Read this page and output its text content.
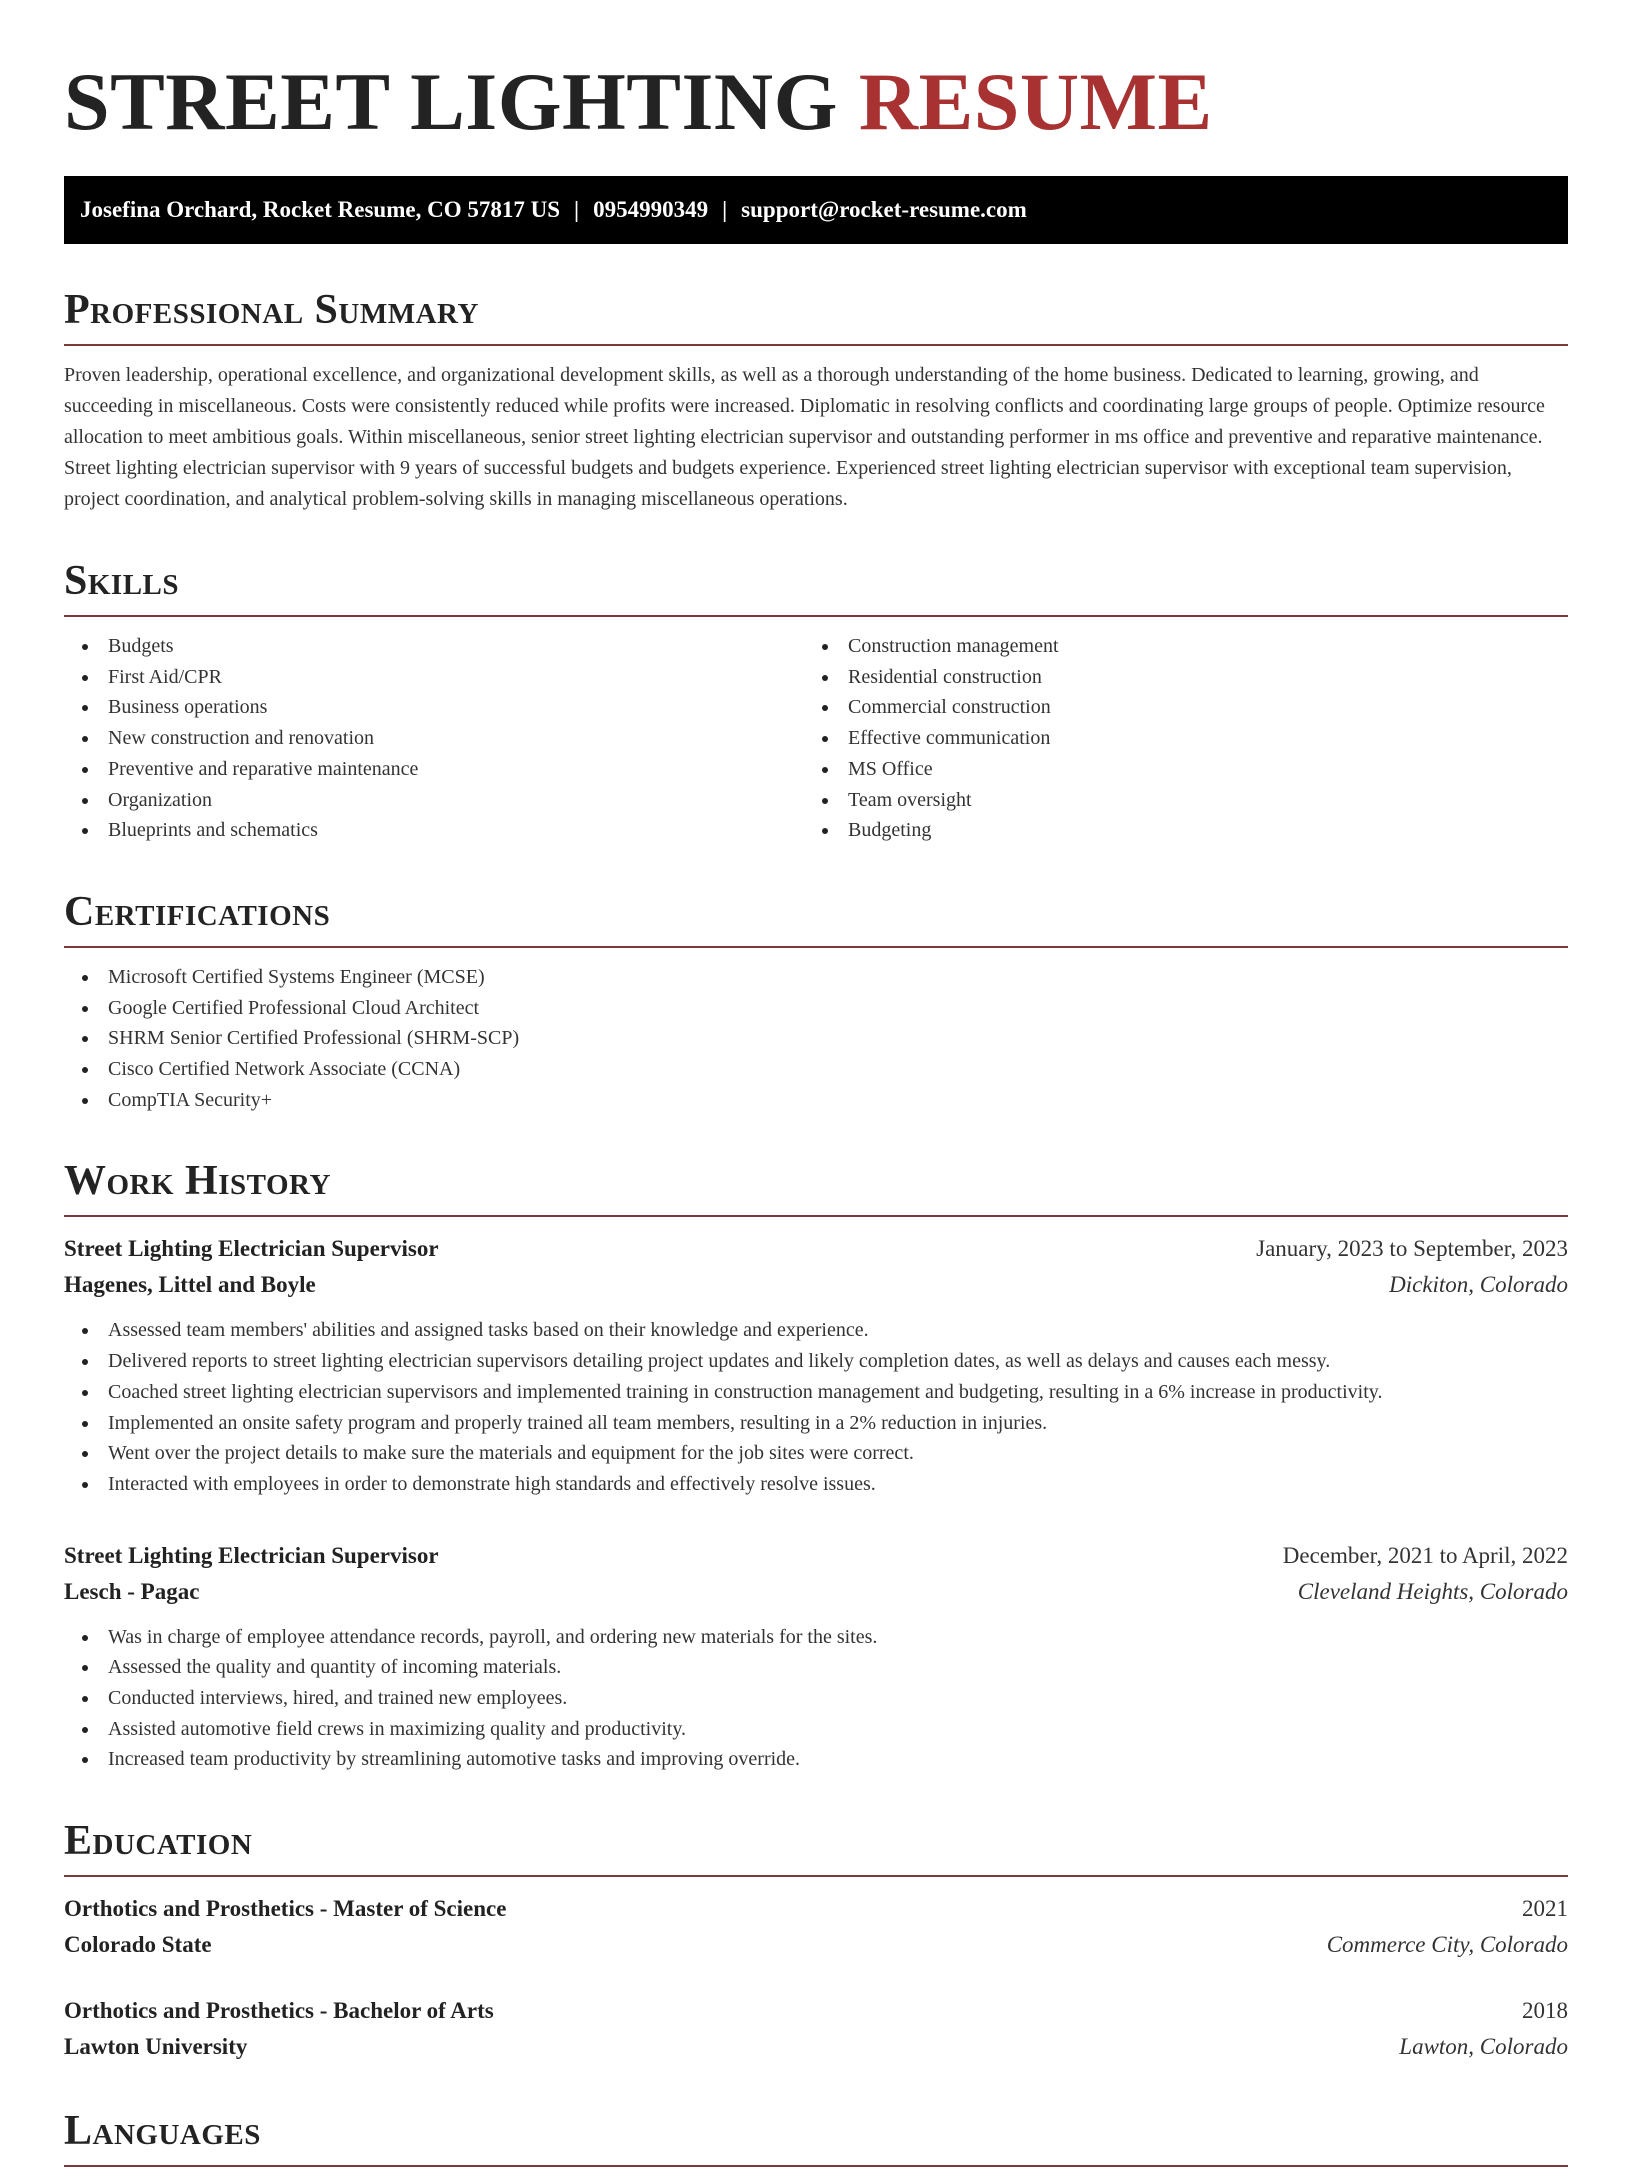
STREET LIGHTING RESUME
Josefina Orchard, Rocket Resume, CO 57817 US | 0954990349 | support@rocket-resume.com
Professional Summary

Proven leadership, operational excellence, and organizational development skills, as well as a thorough understanding of the home business. Dedicated to learning, growing, and succeeding in miscellaneous. Costs were consistently reduced while profits were increased. Diplomatic in resolving conflicts and coordinating large groups of people. Optimize resource allocation to meet ambitious goals. Within miscellaneous, senior street lighting electrician supervisor and outstanding performer in ms office and preventive and reparative maintenance. Street lighting electrician supervisor with 9 years of successful budgets and budgets experience. Experienced street lighting electrician supervisor with exceptional team supervision, project coordination, and analytical problem-solving skills in managing miscellaneous operations.

Skills
Budgets
First Aid/CPR
Business operations
New construction and renovation
Preventive and reparative maintenance
Organization
Blueprints and schematics
Construction management
Residential construction
Commercial construction
Effective communication
MS Office
Team oversight
Budgeting
Certifications
Microsoft Certified Systems Engineer (MCSE)
Google Certified Professional Cloud Architect
SHRM Senior Certified Professional (SHRM-SCP)
Cisco Certified Network Associate (CCNA)
CompTIA Security+
Work History
Street Lighting Electrician Supervisor	January, 2023 to September, 2023
Hagenes, Littel and Boyle	Dickiton, Colorado
Assessed team members' abilities and assigned tasks based on their knowledge and experience.
Delivered reports to street lighting electrician supervisors detailing project updates and likely completion dates, as well as delays and causes each messy.
Coached street lighting electrician supervisors and implemented training in construction management and budgeting, resulting in a 6% increase in productivity.
Implemented an onsite safety program and properly trained all team members, resulting in a 2% reduction in injuries.
Went over the project details to make sure the materials and equipment for the job sites were correct.
Interacted with employees in order to demonstrate high standards and effectively resolve issues.
Street Lighting Electrician Supervisor	December, 2021 to April, 2022
Lesch - Pagac	Cleveland Heights, Colorado
Was in charge of employee attendance records, payroll, and ordering new materials for the sites.
Assessed the quality and quantity of incoming materials.
Conducted interviews, hired, and trained new employees.
Assisted automotive field crews in maximizing quality and productivity.
Increased team productivity by streamlining automotive tasks and improving override.
Education
Orthotics and Prosthetics - Master of Science	2021
Colorado State	Commerce City, Colorado
Orthotics and Prosthetics - Bachelor of Arts	2018
Lawton University	Lawton, Colorado
Languages
